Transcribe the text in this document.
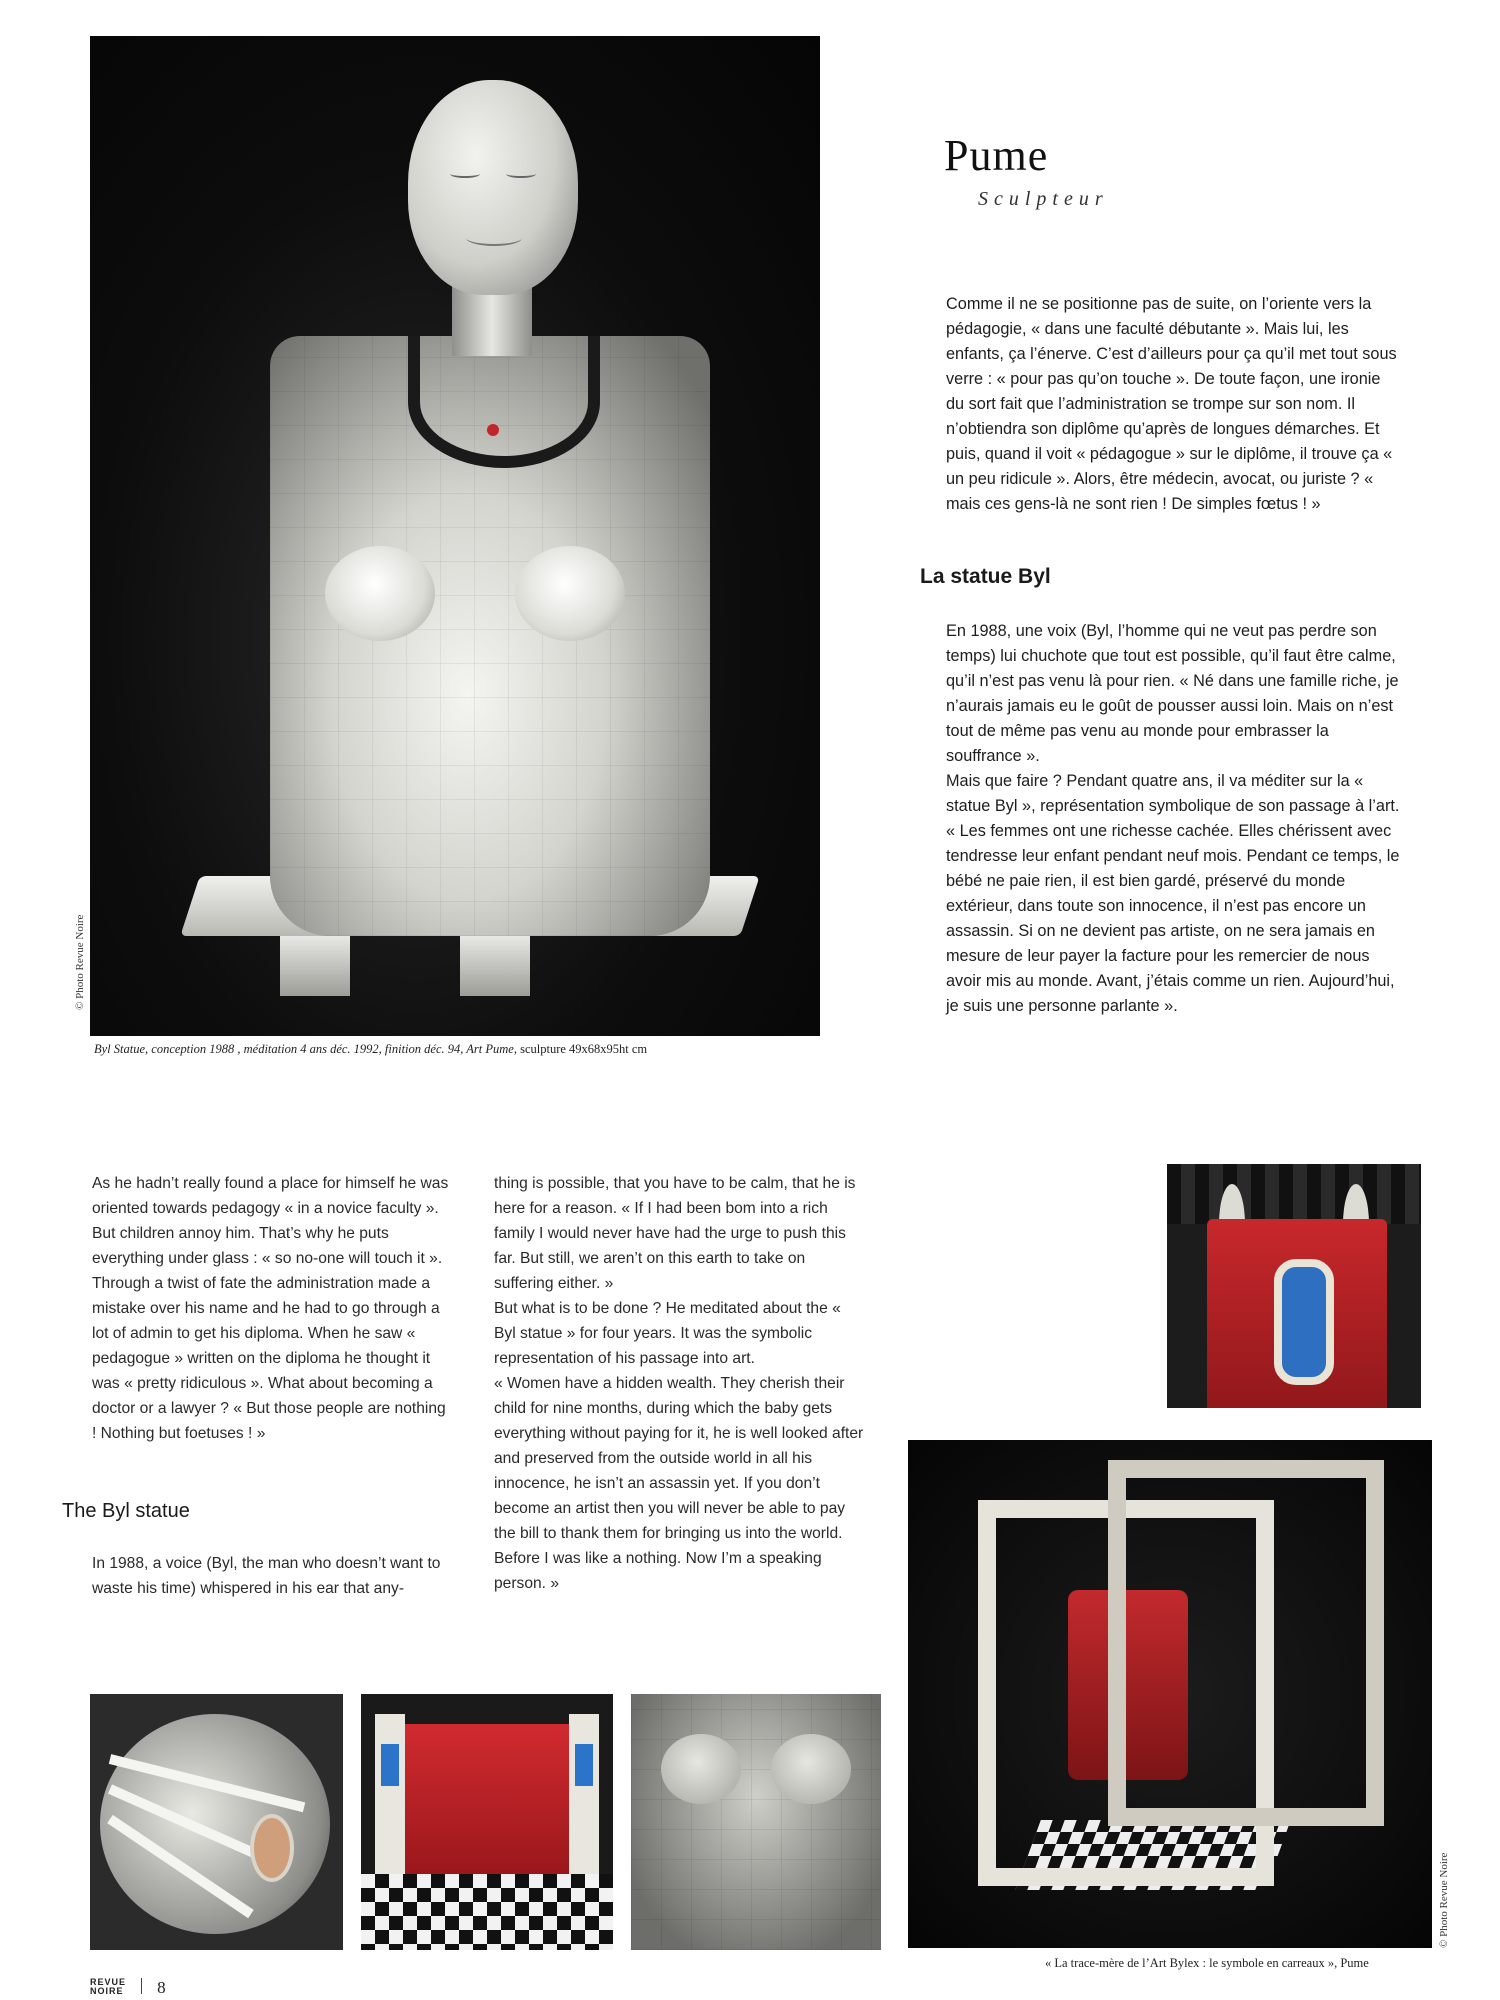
© Photo Revue Noire
Byl Statue, conception 1988 , méditation 4 ans déc. 1992, finition déc. 94, Art Pume, sculpture 49x68x95ht cm
© Photo Revue Noire
« La trace-mère de l’Art Bylex : le symbole en carreaux », Pume
Pume
Sculpteur

Comme il ne se positionne pas de suite, on l’oriente vers la pédagogie, « dans une faculté débutante ». Mais lui, les enfants, ça l’énerve. C’est d’ailleurs pour ça qu’il met tout sous verre : « pour pas qu’on touche ». De toute façon, une ironie du sort fait que l’administration se trompe sur son nom. Il n’obtiendra son diplôme qu’après de longues démarches. Et puis, quand il voit « pédagogue » sur le diplôme, il trouve ça « un peu ridicule ». Alors, être médecin, avocat, ou juriste ? « mais ces gens-là ne sont rien ! De simples fœtus ! »

La statue Byl

En 1988, une voix (Byl, l’homme qui ne veut pas perdre son temps) lui chuchote que tout est possible, qu’il faut être calme, qu’il n’est pas venu là pour rien. « Né dans une famille riche, je n’aurais jamais eu le goût de pousser aussi loin. Mais on n’est tout de même pas venu au monde pour embrasser la souffrance ».

Mais que faire ? Pendant quatre ans, il va méditer sur la « statue Byl », représentation symbolique de son passage à l’art.

« Les femmes ont une richesse cachée. Elles chérissent avec tendresse leur enfant pendant neuf mois. Pendant ce temps, le bébé ne paie rien, il est bien gardé, préservé du monde extérieur, dans toute son innocence, il n’est pas encore un assassin. Si on ne devient pas artiste, on ne sera jamais en mesure de leur payer la facture pour les remercier de nous avoir mis au monde. Avant, j’étais comme un rien. Aujourd’hui, je suis une personne parlante ».

As he hadn’t really found a place for himself he was oriented towards pedagogy « in a novice faculty ». But children annoy him. That’s why he puts everything under glass : « so no-one will touch it ». Through a twist of fate the administration made a mistake over his name and he had to go through a lot of admin to get his diploma. When he saw « pedagogue » written on the diploma he thought it was « pretty ridiculous ». What about becoming a doctor or a lawyer ? « But those people are nothing ! Nothing but foetuses ! »

The Byl statue

In 1988, a voice (Byl, the man who doesn’t want to waste his time) whispered in his ear that any-

thing is possible, that you have to be calm, that he is here for a reason. « If I had been bom into a rich family I would never have had the urge to push this far. But still, we aren’t on this earth to take on suffering either. »

But what is to be done ? He meditated about the « Byl statue » for four years. It was the symbolic representation of his passage into art.

« Women have a hidden wealth. They cherish their child for nine months, during which the baby gets everything without paying for it, he is well looked after and preserved from the outside world in all his innocence, he isn’t an assassin yet. If you don’t become an artist then you will never be able to pay the bill to thank them for bringing us into the world. Before I was like a nothing. Now I’m a speaking person. »

REVUE
NOIRE 8
